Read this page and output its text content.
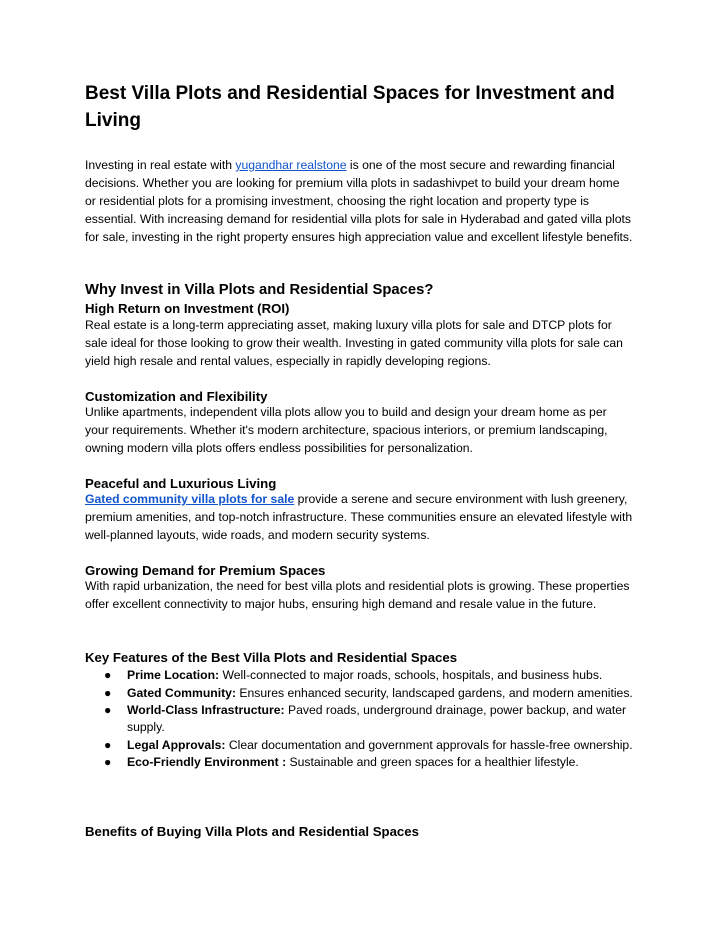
Best Villa Plots and Residential Spaces for Investment and Living

Investing in real estate with yugandhar realstone is one of the most secure and rewarding financial decisions. Whether you are looking for premium villa plots in sadashivpet to build your dream home or residential plots for a promising investment, choosing the right location and property type is essential. With increasing demand for residential villa plots for sale in Hyderabad and gated villa plots for sale, investing in the right property ensures high appreciation value and excellent lifestyle benefits.

Why Invest in Villa Plots and Residential Spaces?
High Return on Investment (ROI)

Real estate is a long-term appreciating asset, making luxury villa plots for sale and DTCP plots for sale ideal for those looking to grow their wealth. Investing in gated community villa plots for sale can yield high resale and rental values, especially in rapidly developing regions.

Customization and Flexibility

Unlike apartments, independent villa plots allow you to build and design your dream home as per your requirements. Whether it's modern architecture, spacious interiors, or premium landscaping, owning modern villa plots offers endless possibilities for personalization.

Peaceful and Luxurious Living

Gated community villa plots for sale provide a serene and secure environment with lush greenery, premium amenities, and top-notch infrastructure. These communities ensure an elevated lifestyle with well-planned layouts, wide roads, and modern security systems.

Growing Demand for Premium Spaces

With rapid urbanization, the need for best villa plots and residential plots is growing. These properties offer excellent connectivity to major hubs, ensuring high demand and resale value in the future.

Key Features of the Best Villa Plots and Residential Spaces
● Prime Location: Well-connected to major roads, schools, hospitals, and business hubs.
● Gated Community: Ensures enhanced security, landscaped gardens, and modern amenities.
● World-Class Infrastructure: Paved roads, underground drainage, power backup, and water supply.
● Legal Approvals: Clear documentation and government approvals for hassle-free ownership.
● Eco-Friendly Environment : Sustainable and green spaces for a healthier lifestyle.
Benefits of Buying Villa Plots and Residential Spaces
